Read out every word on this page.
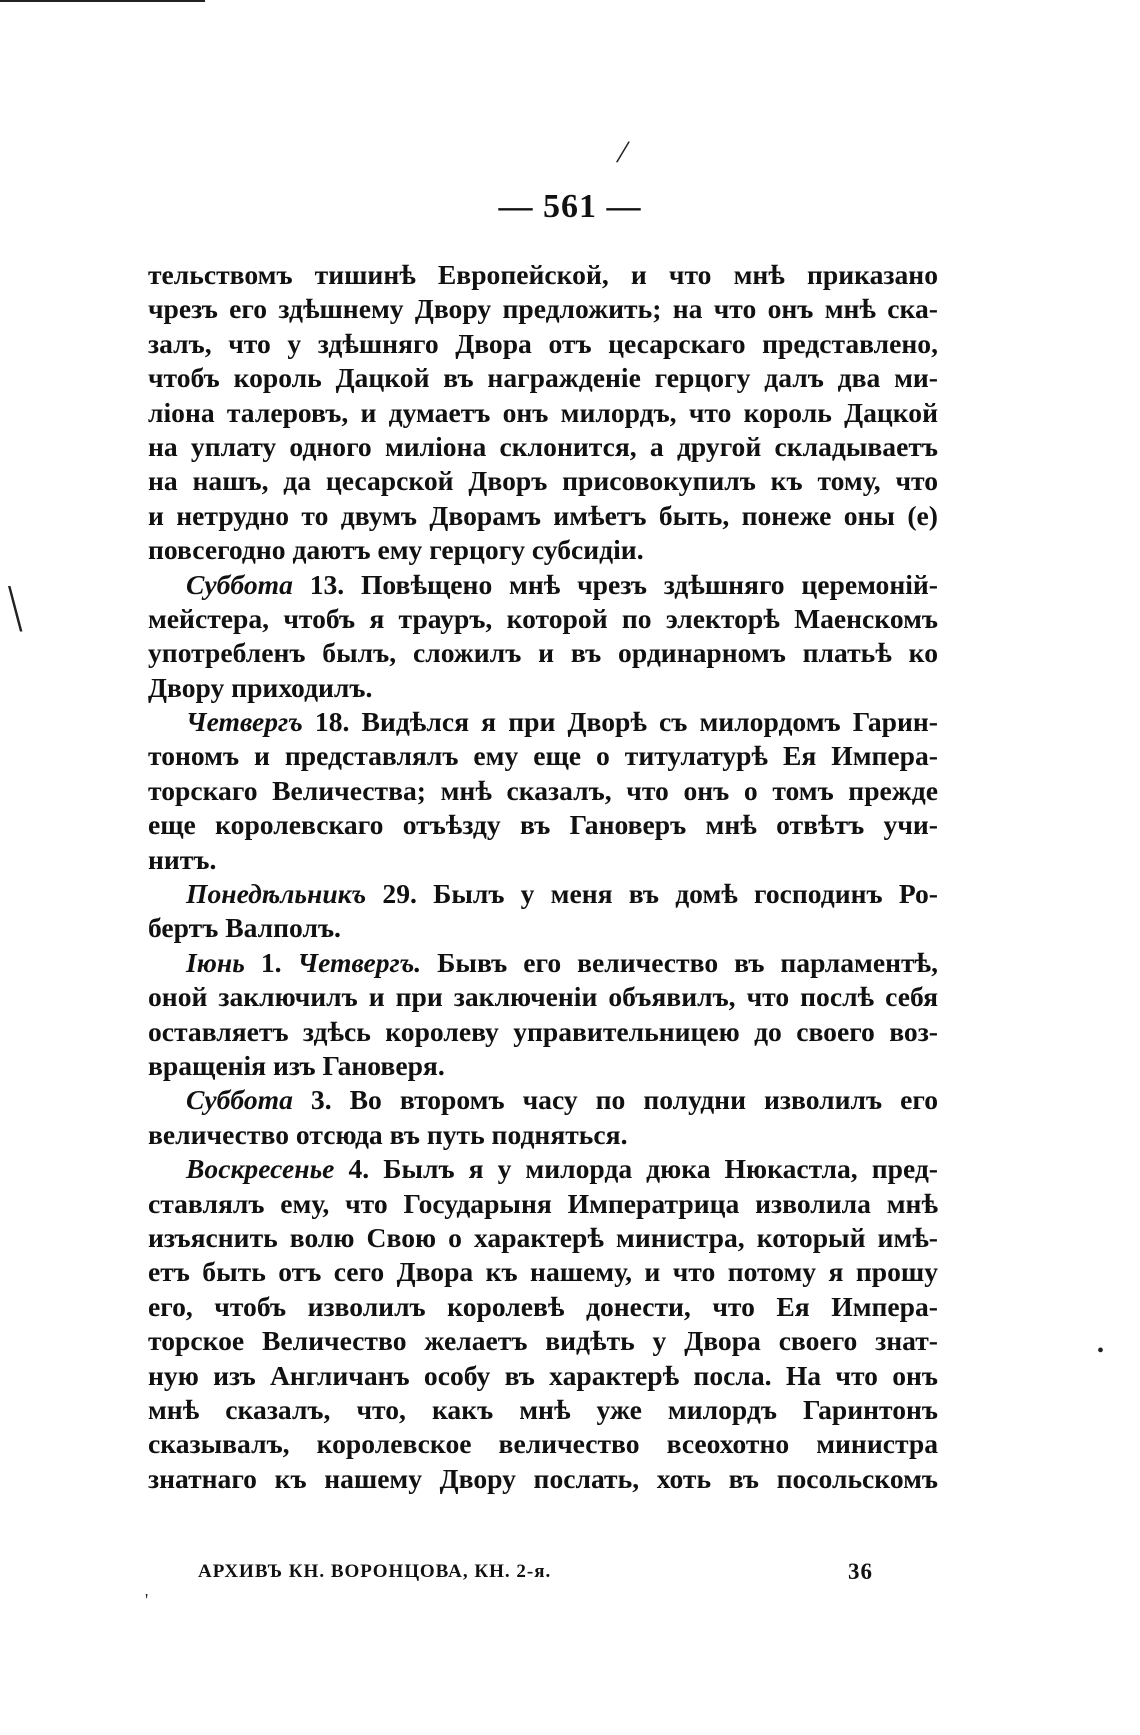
/
\
•
'
— 561 —
тельствомъ тишинѣ Европейской, и что мнѣ приказано
чрезъ его здѣшнему Двору предложить; на что онъ мнѣ ска-
залъ, что у здѣшняго Двора отъ цесарскаго представлено,
чтобъ король Дацкой въ награжденіе герцогу далъ два ми-
ліона талеровъ, и думаетъ онъ милордъ, что король Дацкой
на уплату одного миліона склонится, а другой складываетъ
на нашъ, да цесарской Дворъ присовокупилъ къ тому, что
и нетрудно то двумъ Дворамъ имѣетъ быть, понеже оны (е)
повсегодно даютъ ему герцогу субсидіи.
Суббота 13. Повѣщено мнѣ чрезъ здѣшняго церемоній-
мейстера, чтобъ я трауръ, которой по электорѣ Маенскомъ
употребленъ былъ, сложилъ и въ ординарномъ платьѣ ко
Двору приходилъ.
Четвергъ 18. Видѣлся я при Дворѣ съ милордомъ Гарин-
тономъ и представлялъ ему еще о титулатурѣ Ея Импера-
торскаго Величества; мнѣ сказалъ, что онъ о томъ прежде
еще королевскаго отъѣзду въ Гановеръ мнѣ отвѣтъ учи-
нитъ.
Понедѣльникъ 29. Былъ у меня въ домѣ господинъ Ро-
бертъ Валполъ.
Іюнь 1. Четвергъ. Бывъ его величество въ парламентѣ,
оной заключилъ и при заключеніи объявилъ, что послѣ себя
оставляетъ здѣсь королеву управительницею до своего воз-
вращенія изъ Гановеря.
Суббота 3. Во второмъ часу по полудни изволилъ его
величество отсюда въ путь подняться.
Воскресенье 4. Былъ я у милорда дюка Нюкастла, пред-
ставлялъ ему, что Государыня Императрица изволила мнѣ
изъяснить волю Свою о характерѣ министра, который имѣ-
етъ быть отъ сего Двора къ нашему, и что потому я прошу
его, чтобъ изволилъ королевѣ донести, что Ея Импера-
торское Величество желаетъ видѣть у Двора своего знат-
ную изъ Англичанъ особу въ характерѣ посла. На что онъ
мнѣ сказалъ, что, какъ мнѣ уже милордъ Гаринтонъ
сказывалъ, королевское величество всеохотно министра
знатнаго къ нашему Двору послать, хоть въ посольскомъ
АРХИВЪ КН. ВОРОНЦОВА, КН. 2-я.	36
